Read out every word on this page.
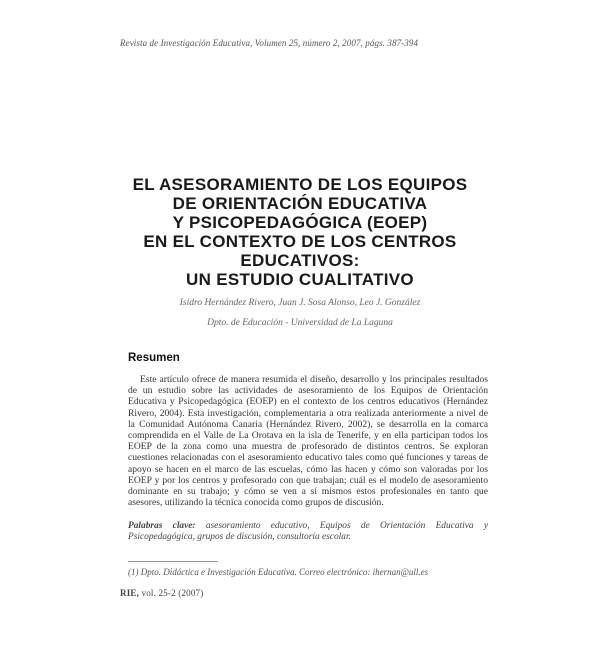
Revista de Investigación Educativa, Volumen 25, número 2, 2007, págs. 387-394
EL ASESORAMIENTO DE LOS EQUIPOS
DE ORIENTACIÓN EDUCATIVA
Y PSICOPEDAGÓGICA (EOEP)
EN EL CONTEXTO DE LOS CENTROS
EDUCATIVOS:
UN ESTUDIO CUALITATIVO
Isidro Hernández Rivero, Juan J. Sosa Alonso, Leo J. González
Dpto. de Educación - Universidad de La Laguna
Resumen

Este artículo ofrece de manera resumida el diseño, desarrollo y los principales resultados de un estudio sobre las actividades de asesoramiento de los Equipos de Orientación Educativa y Psicopedagógica (EOEP) en el contexto de los centros educativos (Hernández Rivero, 2004). Esta investigación, complementaria a otra realizada anteriormente a nivel de la Comunidad Autónoma Canaria (Hernández Rivero, 2002), se desarrolla en la comarca comprendida en el Valle de La Orotava en la isla de Tenerife, y en ella participan todos los EOEP de la zona como una muestra de profesorado de distintos centros. Se exploran cuestiones relacionadas con el asesoramiento educativo tales como qué funciones y tareas de apoyo se hacen en el marco de las escuelas, cómo las hacen y cómo son valoradas por los EOEP y por los centros y profesorado con que trabajan; cuál es el modelo de asesoramiento dominante en su trabajo; y cómo se ven a sí mismos estos profesionales en tanto que asesores, utilizando la técnica conocida como grupos de discusión.

Palabras clave: asesoramiento educativo, Equipos de Orientación Educativa y Psicopedagógica, grupos de discusión, consultoría escolar.
(1) Dpto. Didáctica e Investigación Educativa. Correo electrónico: ihernan@ull.es
RIE, vol. 25-2 (2007)
